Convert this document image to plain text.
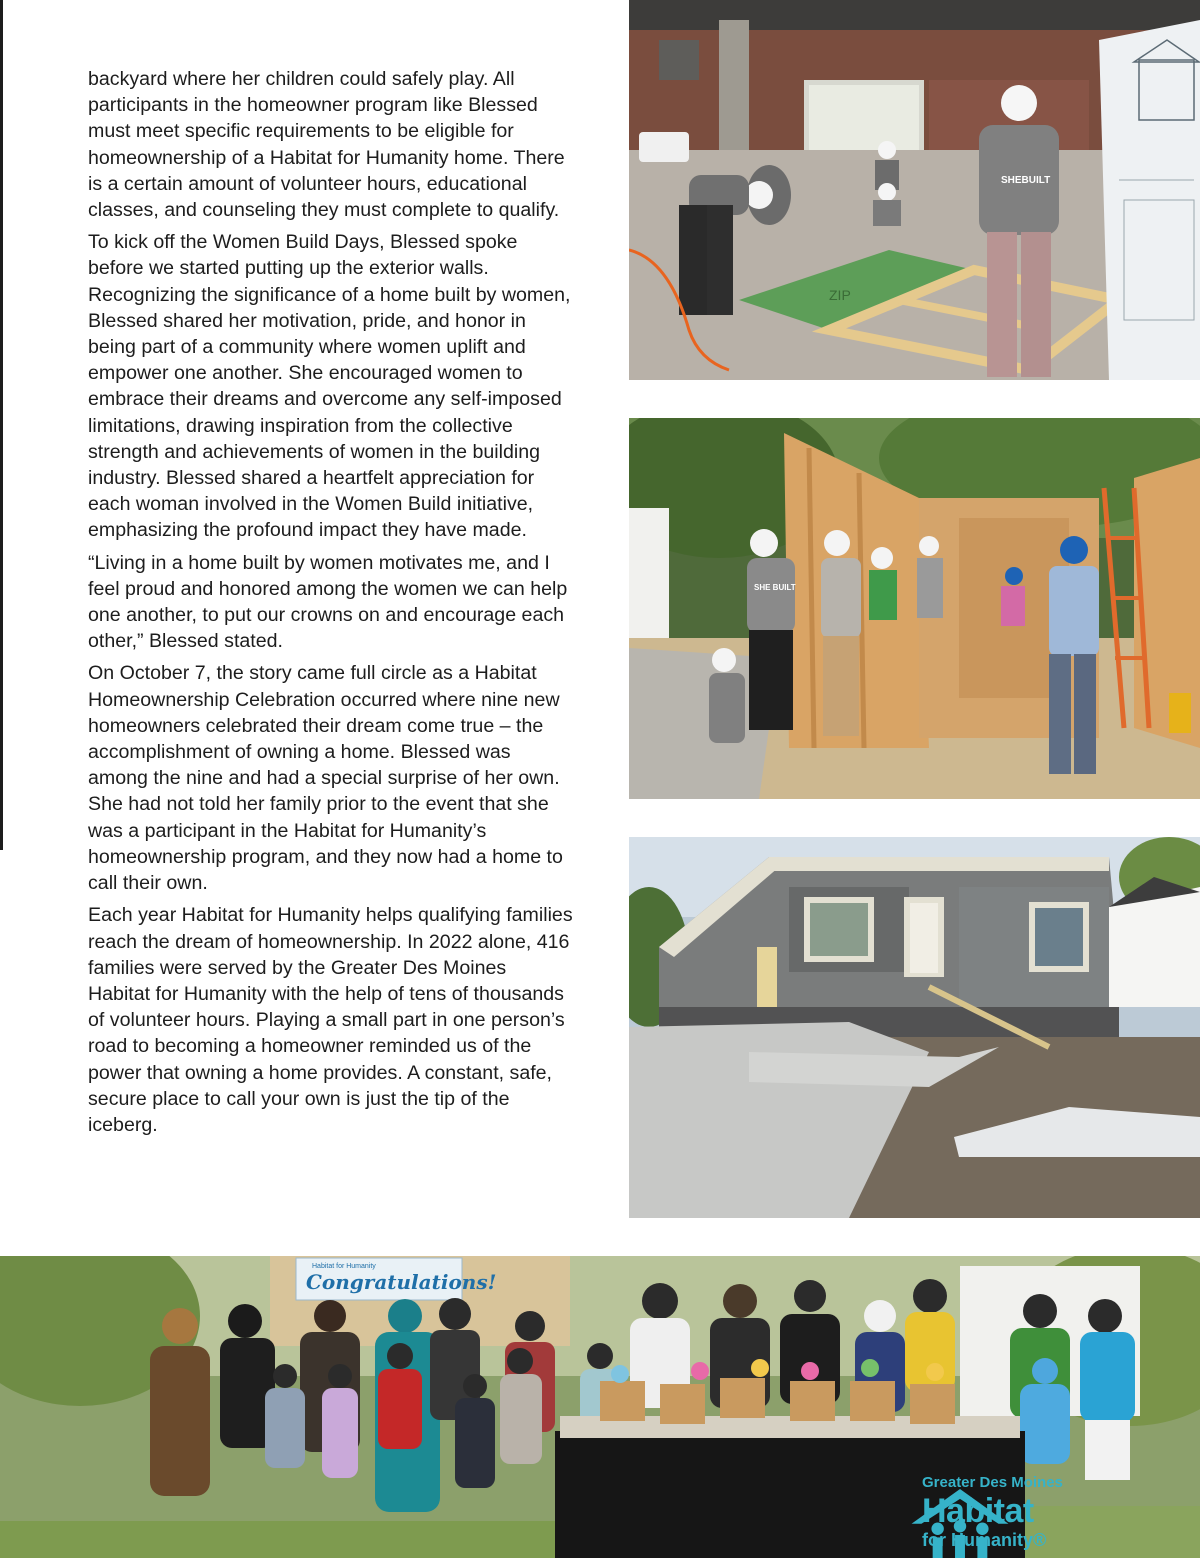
backyard where her children could safely play. All participants in the homeowner program like Blessed must meet specific requirements to be eligible for homeownership of a Habitat for Humanity home. There is a certain amount of volunteer hours, educational classes, and counseling they must complete to qualify.

To kick off the Women Build Days, Blessed spoke before we started putting up the exterior walls. Recognizing the significance of a home built by women, Blessed shared her motivation, pride, and honor in being part of a community where women uplift and empower one another. She encouraged women to embrace their dreams and overcome any self-imposed limitations, drawing inspiration from the collective strength and achievements of women in the building industry. Blessed shared a heartfelt appreciation for each woman involved in the Women Build initiative, emphasizing the profound impact they have made.

“Living in a home built by women motivates me, and I feel proud and honored among the women we can help one another, to put our crowns on and encourage each other,” Blessed stated.

On October 7, the story came full circle as a Habitat Homeownership Celebration occurred where nine new homeowners celebrated their dream come true – the accomplishment of owning a home. Blessed was among the nine and had a special surprise of her own. She had not told her family prior to the event that she was a participant in the Habitat for Humanity’s homeownership program, and they now had a home to call their own.

Each year Habitat for Humanity helps qualifying families reach the dream of homeownership. In 2022 alone, 416 families were served by the Greater Des Moines Habitat for Humanity with the help of tens of thousands of volunteer hours. Playing a small part in one person’s road to becoming a homeowner reminded us of the power that owning a home provides. A constant, safe, secure place to call your own is just the tip of the iceberg.

ZIP
SHEBUILT
SHE BUILT
Habitat for Humanity
Congratulations!
Greater Des Moines
Habitat
for Humanity®
